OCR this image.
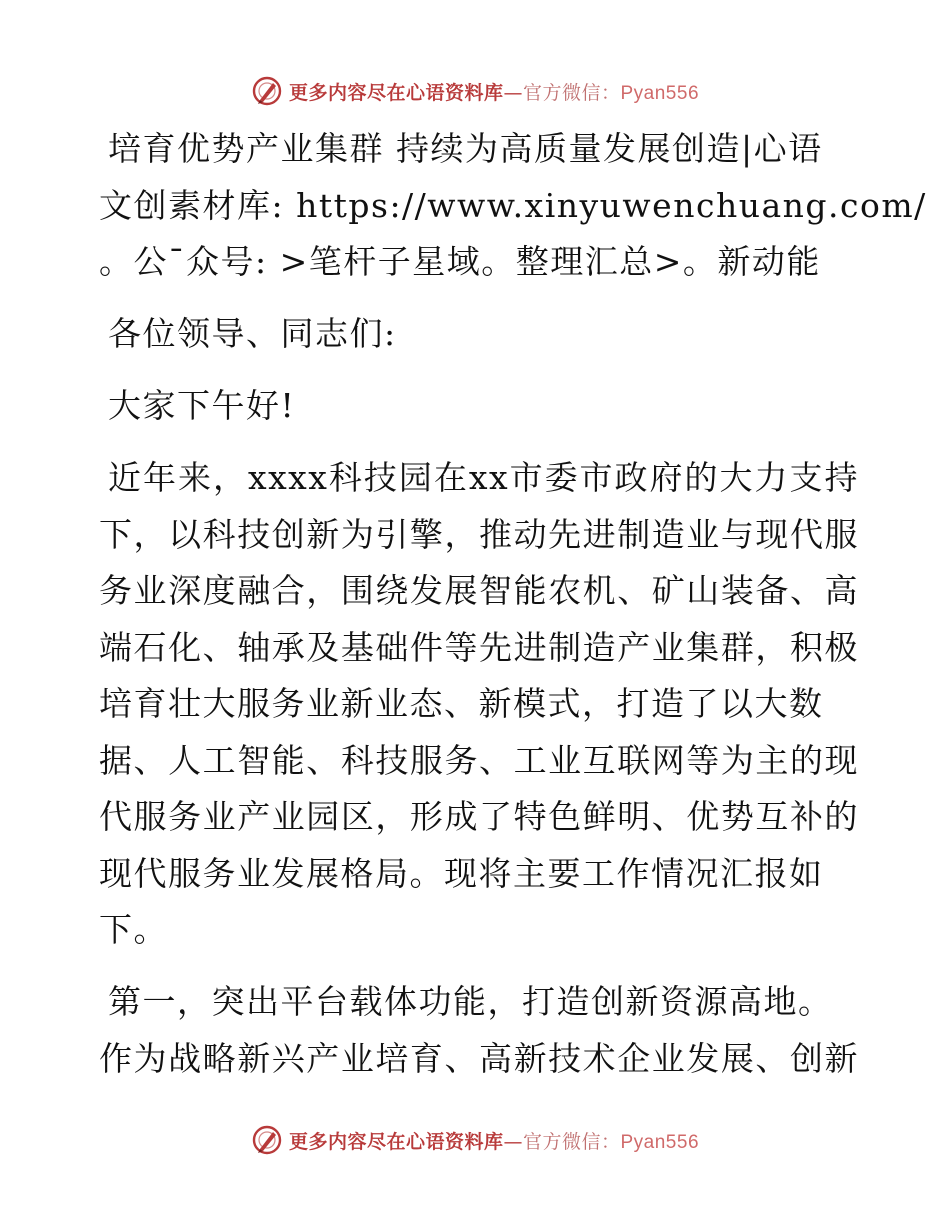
更多内容尽在心语资料库—官方微信：Pyan556
培育优势产业集群 持续为高质量发展创造|心语
文创素材库: https://www.xinyuwenchuang.com/
。公¯众号: >笔杆子星域。整理汇总>。新动能
各位领导、同志们:
大家下午好!
近年来，xxxx科技园在xx市委市政府的大力支持
下，以科技创新为引擎，推动先进制造业与现代服
务业深度融合，围绕发展智能农机、矿山装备、高
端石化、轴承及基础件等先进制造产业集群，积极
培育壮大服务业新业态、新模式，打造了以大数
据、人工智能、科技服务、工业互联网等为主的现
代服务业产业园区，形成了特色鲜明、优势互补的
现代服务业发展格局。现将主要工作情况汇报如
下。
第一，突出平台载体功能，打造创新资源高地。
作为战略新兴产业培育、高新技术企业发展、创新
更多内容尽在心语资料库—官方微信：Pyan556
